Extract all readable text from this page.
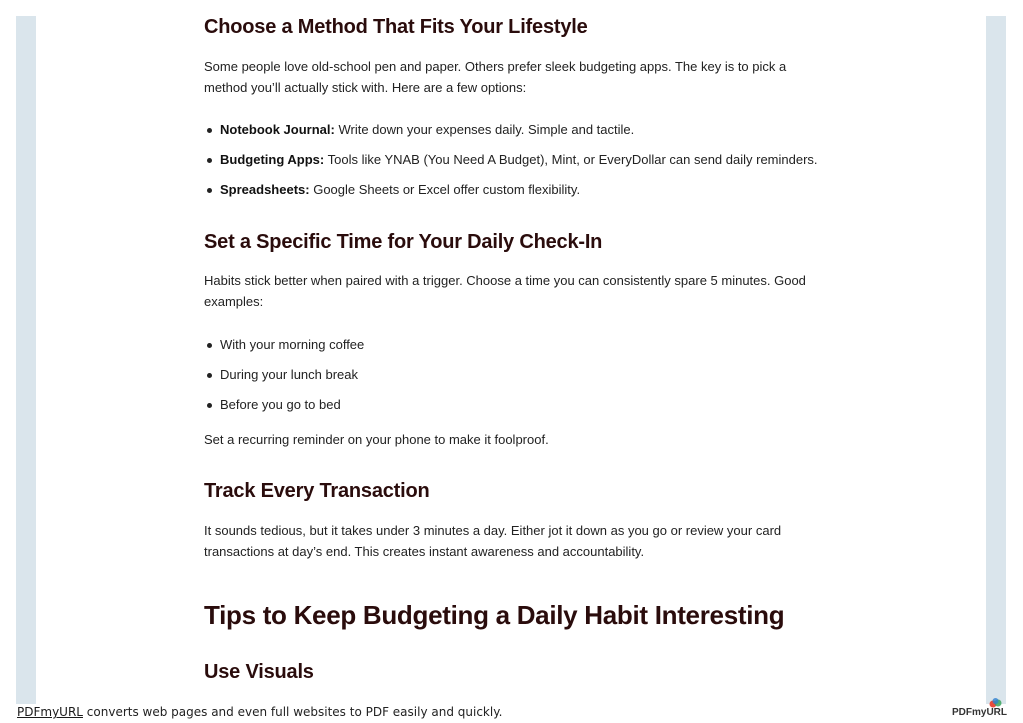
Choose a Method That Fits Your Lifestyle

Some people love old-school pen and paper. Others prefer sleek budgeting apps. The key is to pick a method you’ll actually stick with. Here are a few options:

Notebook Journal: Write down your expenses daily. Simple and tactile.
Budgeting Apps: Tools like YNAB (You Need A Budget), Mint, or EveryDollar can send daily reminders.
Spreadsheets: Google Sheets or Excel offer custom flexibility.
Set a Specific Time for Your Daily Check-In

Habits stick better when paired with a trigger. Choose a time you can consistently spare 5 minutes. Good examples:

With your morning coffee
During your lunch break
Before you go to bed

Set a recurring reminder on your phone to make it foolproof.

Track Every Transaction

It sounds tedious, but it takes under 3 minutes a day. Either jot it down as you go or review your card transactions at day’s end. This creates instant awareness and accountability.

Tips to Keep Budgeting a Daily Habit Interesting
Use Visuals
PDFmyURL converts web pages and even full websites to PDF easily and quickly.	PDFmyURL
